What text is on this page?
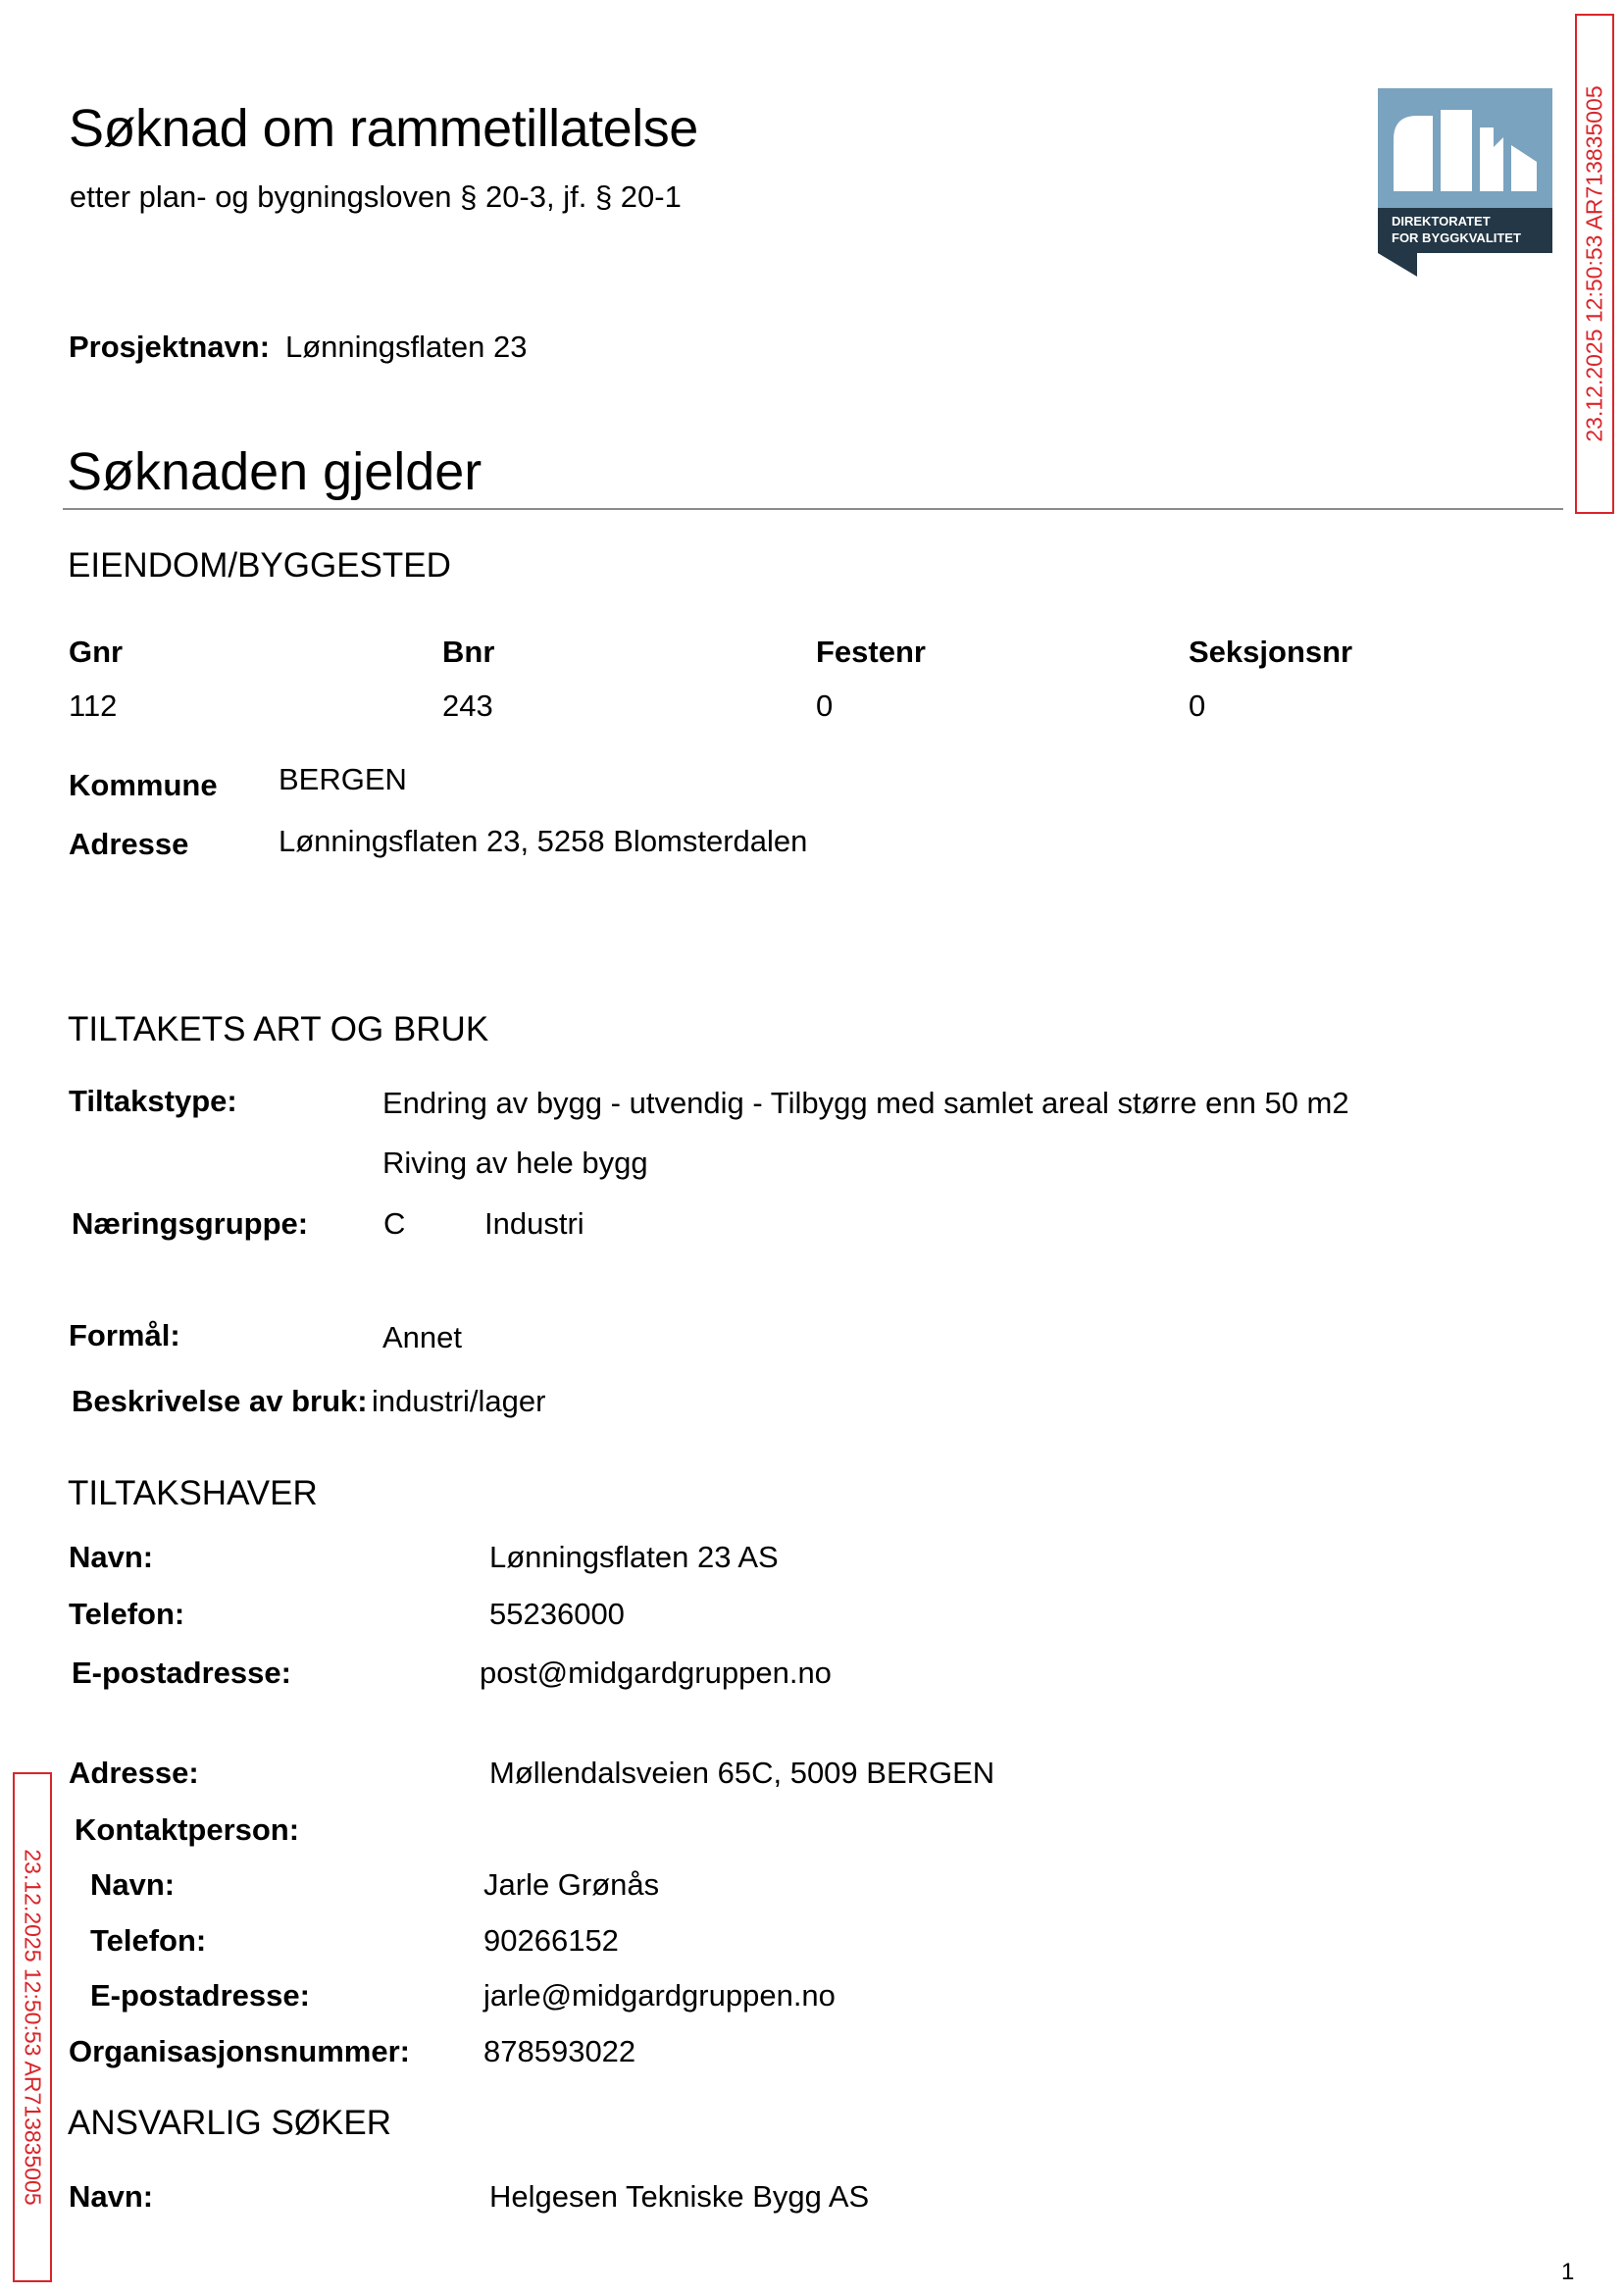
Søknad om rammetillatelse
etter plan- og bygningsloven § 20-3, jf. § 20-1
DIREKTORATET
FOR BYGGKVALITET	23.12.2025 12:50:53 AR713835005
23.12.2025 12:50:53 AR713835005
Prosjektnavn: Lønningsflaten 23
Søknaden gjelder
EIENDOM/BYGGESTED
Gnr	Bnr	Festenr	Seksjonsnr
112	243	0	0
Kommune BERGEN
Adresse	Lønningsflaten 23, 5258 Blomsterdalen
TILTAKETS ART OG BRUK
Tiltakstype:	Endring av bygg - utvendig - Tilbygg med samlet areal større enn 50 m2
Riving av hele bygg
Næringsgruppe: C	Industri
Formål:	Annet
Beskrivelse av bruk: industri/lager
TILTAKSHAVER
Navn:	Lønningsflaten 23 AS
Telefon:	55236000
E-postadresse:	post@midgardgruppen.no
Adresse:	Møllendalsveien 65C, 5009 BERGEN
Kontaktperson:
Navn:	Jarle Grønås
Telefon:	90266152
E-postadresse:	jarle@midgardgruppen.no
Organisasjonsnummer: 878593022
ANSVARLIG SØKER
Navn:	Helgesen Tekniske Bygg AS
1
